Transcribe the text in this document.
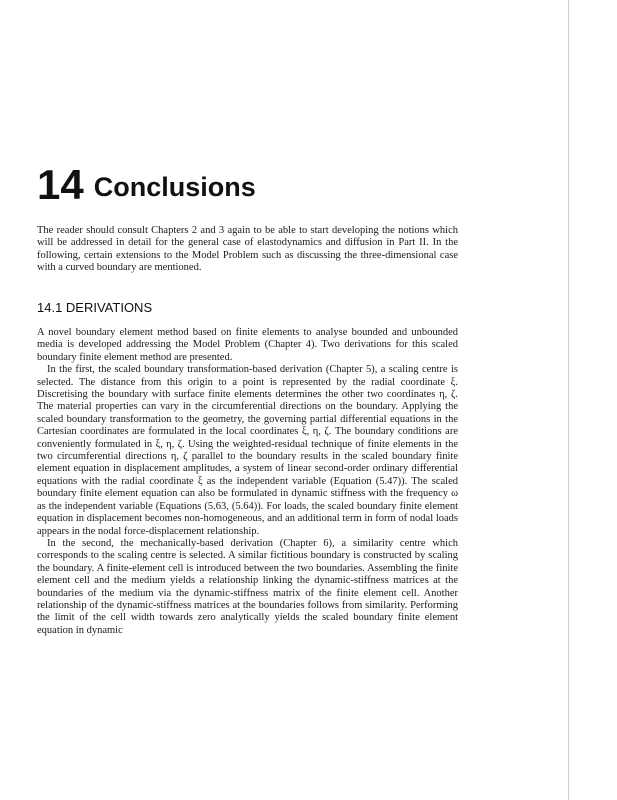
14 Conclusions

The reader should consult Chapters 2 and 3 again to be able to start developing the notions which will be addressed in detail for the general case of elastodynamics and diffusion in Part II. In the following, certain extensions to the Model Problem such as discussing the three-dimensional case with a curved boundary are mentioned.

14.1 DERIVATIONS

A novel boundary element method based on finite elements to analyse bounded and unbounded media is developed addressing the Model Problem (Chapter 4). Two derivations for this scaled boundary finite element method are presented.

In the first, the scaled boundary transformation-based derivation (Chapter 5), a scaling centre is selected. The distance from this origin to a point is represented by the radial coordinate ξ. Discretising the boundary with surface finite elements determines the other two coordinates η, ζ. The material properties can vary in the circumferential directions on the boundary. Applying the scaled boundary transformation to the geometry, the governing partial differential equations in the Cartesian coordinates are formulated in the local coordinates ξ, η, ζ. The boundary conditions are conveniently formulated in ξ, η, ζ. Using the weighted-residual technique of finite elements in the two circumferential directions η, ζ parallel to the boundary results in the scaled boundary finite element equation in displacement amplitudes, a system of linear second-order ordinary differential equations with the radial coordinate ξ as the independent variable (Equation (5.47)). The scaled boundary finite element equation can also be formulated in dynamic stiffness with the frequency ω as the independent variable (Equations (5.63, (5.64)). For loads, the scaled boundary finite element equation in displacement becomes non-homogeneous, and an additional term in form of nodal loads appears in the nodal force-displacement relationship.

In the second, the mechanically-based derivation (Chapter 6), a similarity centre which corresponds to the scaling centre is selected. A similar fictitious boundary is constructed by scaling the boundary. A finite-element cell is introduced between the two boundaries. Assembling the finite element cell and the medium yields a relationship linking the dynamic-stiffness matrices at the boundaries of the medium via the dynamic-stiffness matrix of the finite element cell. Another relationship of the dynamic-stiffness matrices at the boundaries follows from similarity. Performing the limit of the cell width towards zero analytically yields the scaled boundary finite element equation in dynamic
